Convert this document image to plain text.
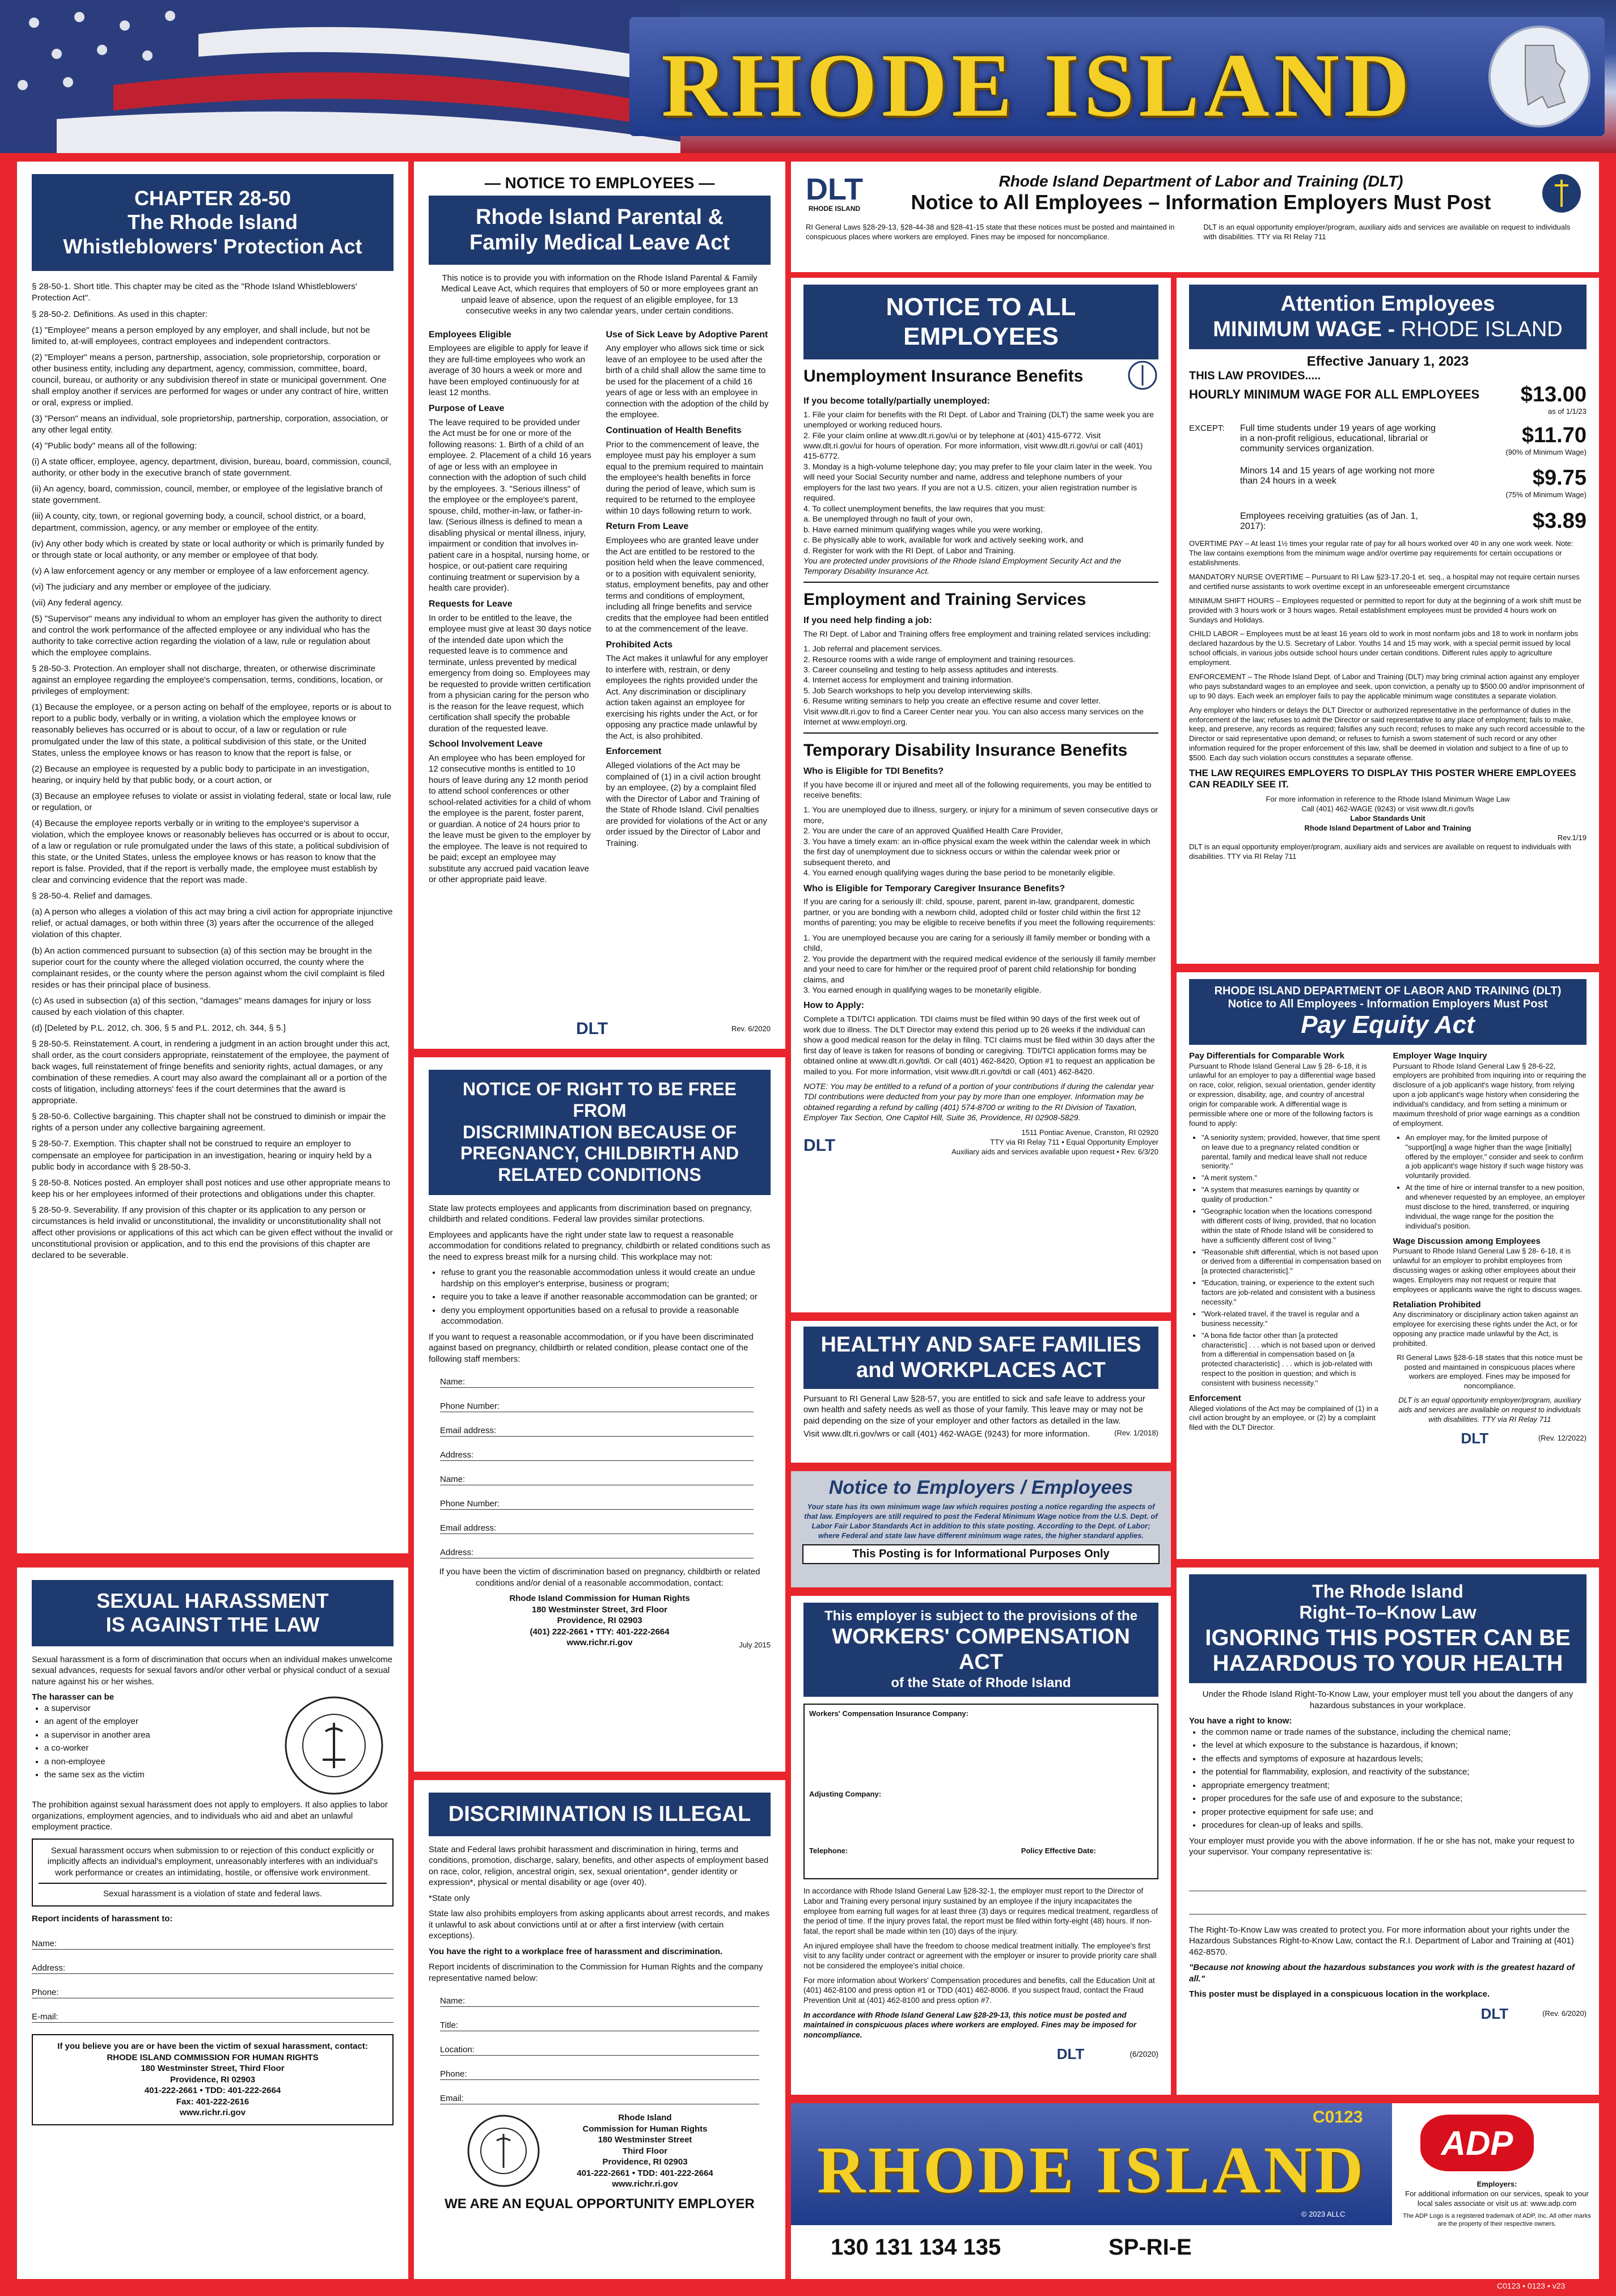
RHODE ISLAND
CHAPTER 28-50
The Rhode Island
Whistleblowers' Protection Act

§ 28-50-1. Short title. This chapter may be cited as the "Rhode Island Whistleblowers' Protection Act".

§ 28-50-2. Definitions. As used in this chapter:

(1) "Employee" means a person employed by any employer, and shall include, but not be limited to, at-will employees, contract employees and independent contractors.

(2) "Employer" means a person, partnership, association, sole proprietorship, corporation or other business entity, including any department, agency, commission, committee, board, council, bureau, or authority or any subdivision thereof in state or municipal government. One shall employ another if services are performed for wages or under any contract of hire, written or oral, express or implied.

(3) "Person" means an individual, sole proprietorship, partnership, corporation, association, or any other legal entity.

(4) "Public body" means all of the following:

(i) A state officer, employee, agency, department, division, bureau, board, commission, council, authority, or other body in the executive branch of state government.

(ii) An agency, board, commission, council, member, or employee of the legislative branch of state government.

(iii) A county, city, town, or regional governing body, a council, school district, or a board, department, commission, agency, or any member or employee of the entity.

(iv) Any other body which is created by state or local authority or which is primarily funded by or through state or local authority, or any member or employee of that body.

(v) A law enforcement agency or any member or employee of a law enforcement agency.

(vi) The judiciary and any member or employee of the judiciary.

(vii) Any federal agency.

(5) "Supervisor" means any individual to whom an employer has given the authority to direct and control the work performance of the affected employee or any individual who has the authority to take corrective action regarding the violation of a law, rule or regulation about which the employee complains.

§ 28-50-3. Protection. An employer shall not discharge, threaten, or otherwise discriminate against an employee regarding the employee's compensation, terms, conditions, location, or privileges of employment:

(1) Because the employee, or a person acting on behalf of the employee, reports or is about to report to a public body, verbally or in writing, a violation which the employee knows or reasonably believes has occurred or is about to occur, of a law or regulation or rule promulgated under the law of this state, a political subdivision of this state, or the United States, unless the employee knows or has reason to know that the report is false, or

(2) Because an employee is requested by a public body to participate in an investigation, hearing, or inquiry held by that public body, or a court action, or

(3) Because an employee refuses to violate or assist in violating federal, state or local law, rule or regulation, or

(4) Because the employee reports verbally or in writing to the employee's supervisor a violation, which the employee knows or reasonably believes has occurred or is about to occur, of a law or regulation or rule promulgated under the laws of this state, a political subdivision of this state, or the United States, unless the employee knows or has reason to know that the report is false. Provided, that if the report is verbally made, the employee must establish by clear and convincing evidence that the report was made.

§ 28-50-4. Relief and damages.

(a) A person who alleges a violation of this act may bring a civil action for appropriate injunctive relief, or actual damages, or both within three (3) years after the occurrence of the alleged violation of this chapter.

(b) An action commenced pursuant to subsection (a) of this section may be brought in the superior court for the county where the alleged violation occurred, the county where the complainant resides, or the county where the person against whom the civil complaint is filed resides or has their principal place of business.

(c) As used in subsection (a) of this section, "damages" means damages for injury or loss caused by each violation of this chapter.

(d) [Deleted by P.L. 2012, ch. 306, § 5 and P.L. 2012, ch. 344, § 5.]

§ 28-50-5. Reinstatement. A court, in rendering a judgment in an action brought under this act, shall order, as the court considers appropriate, reinstatement of the employee, the payment of back wages, full reinstatement of fringe benefits and seniority rights, actual damages, or any combination of these remedies. A court may also award the complainant all or a portion of the costs of litigation, including attorneys' fees if the court determines that the award is appropriate.

§ 28-50-6. Collective bargaining. This chapter shall not be construed to diminish or impair the rights of a person under any collective bargaining agreement.

§ 28-50-7. Exemption. This chapter shall not be construed to require an employer to compensate an employee for participation in an investigation, hearing or inquiry held by a public body in accordance with § 28-50-3.

§ 28-50-8. Notices posted. An employer shall post notices and use other appropriate means to keep his or her employees informed of their protections and obligations under this chapter.

§ 28-50-9. Severability. If any provision of this chapter or its application to any person or circumstances is held invalid or unconstitutional, the invalidity or unconstitutionality shall not affect other provisions or applications of this act which can be given effect without the invalid or unconstitutional provision or application, and to this end the provisions of this chapter are declared to be severable.

SEXUAL HARASSMENT
IS AGAINST THE LAW

Sexual harassment is a form of discrimination that occurs when an individual makes unwelcome sexual advances, requests for sexual favors and/or other verbal or physical conduct of a sexual nature against his or her wishes.

The harasser can be
• a supervisor
• an agent of the employer
• a supervisor in another area
• a co-worker
• a non-employee
• the same sex as the victim

The prohibition against sexual harassment does not apply to employers. It also applies to labor organizations, employment agencies, and to individuals who aid and abet an unlawful employment practice.

Sexual harassment occurs when submission to or rejection of this conduct explicitly or implicitly affects an individual's employment, unreasonably interferes with an individual's work performance or creates an intimidating, hostile, or offensive work environment.
Sexual harassment is a violation of state and federal laws.
Report incidents of harassment to:
Name:
Address:
Phone:
E-mail:
If you believe you are or have been the victim of sexual harassment, contact:
RHODE ISLAND COMMISSION FOR HUMAN RIGHTS
180 Westminster Street, Third Floor
Providence, RI 02903
401-222-2661 • TDD: 401-222-2664
Fax: 401-222-2616
www.richr.ri.gov
— NOTICE TO EMPLOYEES —
Rhode Island Parental &
Family Medical Leave Act

This notice is to provide you with information on the Rhode Island Parental & Family Medical Leave Act, which requires that employers of 50 or more employees grant an unpaid leave of absence, upon the request of an eligible employee, for 13 consecutive weeks in any two calendar years, under certain conditions.

Employees Eligible

Employees are eligible to apply for leave if they are full-time employees who work an average of 30 hours a week or more and have been employed continuously for at least 12 months.

Purpose of Leave

The leave required to be provided under the Act must be for one or more of the following reasons: 1. Birth of a child of an employee. 2. Placement of a child 16 years of age or less with an employee in connection with the adoption of such child by the employees. 3. "Serious illness" of the employee or the employee's parent, spouse, child, mother-in-law, or father-in-law. (Serious illness is defined to mean a disabling physical or mental illness, injury, impairment or condition that involves in-patient care in a hospital, nursing home, or hospice, or out-patient care requiring continuing treatment or supervision by a health care provider).

Requests for Leave

In order to be entitled to the leave, the employee must give at least 30 days notice of the intended date upon which the requested leave is to commence and terminate, unless prevented by medical emergency from doing so. Employees may be requested to provide written certification from a physician caring for the person who is the reason for the leave request, which certification shall specify the probable duration of the requested leave.

School Involvement Leave

An employee who has been employed for 12 consecutive months is entitled to 10 hours of leave during any 12 month period to attend school conferences or other school-related activities for a child of whom the employee is the parent, foster parent, or guardian. A notice of 24 hours prior to the leave must be given to the employer by the employee. The leave is not required to be paid; except an employee may substitute any accrued paid vacation leave or other appropriate paid leave.

Use of Sick Leave by Adoptive Parent

Any employer who allows sick time or sick leave of an employee to be used after the birth of a child shall allow the same time to be used for the placement of a child 16 years of age or less with an employee in connection with the adoption of the child by the employee.

Continuation of Health Benefits

Prior to the commencement of leave, the employee must pay his employer a sum equal to the premium required to maintain the employee's health benefits in force during the period of leave, which sum is required to be returned to the employee within 10 days following return to work.

Return From Leave

Employees who are granted leave under the Act are entitled to be restored to the position held when the leave commenced, or to a position with equivalent seniority, status, employment benefits, pay and other terms and conditions of employment, including all fringe benefits and service credits that the employee had been entitled to at the commencement of the leave.

Prohibited Acts

The Act makes it unlawful for any employer to interfere with, restrain, or deny employees the rights provided under the Act. Any discrimination or disciplinary action taken against an employee for exercising his rights under the Act, or for opposing any practice made unlawful by the Act, is also prohibited.

Enforcement

Alleged violations of the Act may be complained of (1) in a civil action brought by an employee, (2) by a complaint filed with the Director of Labor and Training of the State of Rhode Island. Civil penalties are provided for violations of the Act or any order issued by the Director of Labor and Training.

DLT	Rev. 6/2020
NOTICE OF RIGHT TO BE FREE FROM
DISCRIMINATION BECAUSE OF
PREGNANCY, CHILDBIRTH AND
RELATED CONDITIONS

State law protects employees and applicants from discrimination based on pregnancy, childbirth and related conditions. Federal law provides similar protections.

Employees and applicants have the right under state law to request a reasonable accommodation for conditions related to pregnancy, childbirth or related conditions such as the need to express breast milk for a nursing child. This workplace may not:

• refuse to grant you the reasonable accommodation unless it would create an undue hardship on this employer's enterprise, business or program;
• require you to take a leave if another reasonable accommodation can be granted; or
• deny you employment opportunities based on a refusal to provide a reasonable accommodation.

If you want to request a reasonable accommodation, or if you have been discriminated against based on pregnancy, childbirth or related condition, please contact one of the following staff members:

Name:
Phone Number:
Email address:
Address:
Name:
Phone Number:
Email address:
Address:

If you have been the victim of discrimination based on pregnancy, childbirth or related conditions and/or denial of a reasonable accommodation, contact:

Rhode Island Commission for Human Rights
180 Westminster Street, 3rd Floor
Providence, RI 02903
(401) 222-2661 • TTY: 401-222-2664
www.richr.ri.gov	July 2015
DISCRIMINATION IS ILLEGAL

State and Federal laws prohibit harassment and discrimination in hiring, terms and conditions, promotion, discharge, salary, benefits, and other aspects of employment based on race, color, religion, ancestral origin, sex, sexual orientation*, gender identity or expression*, physical or mental disability or age (over 40).

*State only

State law also prohibits employers from asking applicants about arrest records, and makes it unlawful to ask about convictions until at or after a first interview (with certain exceptions).

You have the right to a workplace free of harassment and discrimination.

Report incidents of discrimination to the Commission for Human Rights and the company representative named below:

Name:
Title:
Location:
Phone:
Email:
Rhode Island
Commission for Human Rights
180 Westminster Street
Third Floor
Providence, RI 02903
401-222-2661 • TDD: 401-222-2664
www.richr.ri.gov
WE ARE AN EQUAL OPPORTUNITY EMPLOYER
DLT
RHODE ISLAND
Rhode Island Department of Labor and Training (DLT)
Notice to All Employees – Information Employers Must Post
RI General Laws §28-29-13, §28-44-38 and §28-41-15 state that these notices must be posted and maintained in conspicuous places where workers are employed. Fines may be imposed for noncompliance.
DLT is an equal opportunity employer/program, auxiliary aids and services are available on request to individuals with disabilities. TTY via RI Relay 711
NOTICE TO ALL EMPLOYEES
Unemployment Insurance Benefits
If you become totally/partially unemployed:
1. File your claim for benefits with the RI Dept. of Labor and Training (DLT) the same week you are unemployed or working reduced hours.
2. File your claim online at www.dlt.ri.gov/ui or by telephone at (401) 415-6772. Visit www.dlt.ri.gov/ui for hours of operation. For more information, visit www.dlt.ri.gov/ui or call (401) 415-6772.
3. Monday is a high-volume telephone day; you may prefer to file your claim later in the week. You will need your Social Security number and name, address and telephone numbers of your employers for the last two years. If you are not a U.S. citizen, your alien registration number is required.
4. To collect unemployment benefits, the law requires that you must:
a. Be unemployed through no fault of your own,
b. Have earned minimum qualifying wages while you were working,
c. Be physically able to work, available for work and actively seeking work, and
d. Register for work with the RI Dept. of Labor and Training.

You are protected under provisions of the Rhode Island Employment Security Act and the Temporary Disability Insurance Act.

Employment and Training Services
If you need help finding a job:

The RI Dept. of Labor and Training offers free employment and training related services including:

1. Job referral and placement services.
2. Resource rooms with a wide range of employment and training resources.
3. Career counseling and testing to help assess aptitudes and interests.
4. Internet access for employment and training information.
5. Job Search workshops to help you develop interviewing skills.
6. Resume writing seminars to help you create an effective resume and cover letter.

Visit www.dlt.ri.gov to find a Career Center near you. You can also access many services on the Internet at www.employri.org.

Temporary Disability Insurance Benefits
Who is Eligible for TDI Benefits?

If you have become ill or injured and meet all of the following requirements, you may be entitled to receive benefits:

1. You are unemployed due to illness, surgery, or injury for a minimum of seven consecutive days or more,
2. You are under the care of an approved Qualified Health Care Provider,
3. You have a timely exam: an in-office physical exam the week within the calendar week in which the first day of unemployment due to sickness occurs or within the calendar week prior or subsequent thereto, and
4. You earned enough qualifying wages during the base period to be monetarily eligible.
Who is Eligible for Temporary Caregiver Insurance Benefits?

If you are caring for a seriously ill: child, spouse, parent, parent in-law, grandparent, domestic partner, or you are bonding with a newborn child, adopted child or foster child within the first 12 months of parenting; you may be eligible to receive benefits if you meet the following requirements:

1. You are unemployed because you are caring for a seriously ill family member or bonding with a child,
2. You provide the department with the required medical evidence of the seriously ill family member and your need to care for him/her or the required proof of parent child relationship for bonding claims, and
3. You earned enough in qualifying wages to be monetarily eligible.
How to Apply:

Complete a TDI/TCI application. TDI claims must be filed within 90 days of the first week out of work due to illness. The DLT Director may extend this period up to 26 weeks if the individual can show a good medical reason for the delay in filing. TCI claims must be filed within 30 days after the first day of leave is taken for reasons of bonding or caregiving. TDI/TCI application forms may be obtained online at www.dlt.ri.gov/tdi. Or call (401) 462-8420, Option #1 to request an application be mailed to you. For more information, visit www.dlt.ri.gov/tdi or call (401) 462-8420.

NOTE: You may be entitled to a refund of a portion of your contributions if during the calendar year TDI contributions were deducted from your pay by more than one employer. Information may be obtained regarding a refund by calling (401) 574-8700 or writing to the RI Division of Taxation, Employer Tax Section, One Capitol Hill, Suite 36, Providence, RI 02908-5829.

DLT
1511 Pontiac Avenue, Cranston, RI 02920
TTY via RI Relay 711 • Equal Opportunity Employer
Auxiliary aids and services available upon request • Rev. 6/3/20
HEALTHY AND SAFE FAMILIES
and WORKPLACES ACT

Pursuant to RI General Law §28-57, you are entitled to sick and safe leave to address your own health and safety needs as well as those of your family. This leave may or may not be paid depending on the size of your employer and other factors as detailed in the law.

Visit www.dlt.ri.gov/wrs or call (401) 462-WAGE (9243) for more information.	(Rev. 1/2018)
Notice to Employers / Employees

Your state has its own minimum wage law which requires posting a notice regarding the aspects of that law. Employers are still required to post the Federal Minimum Wage notice from the U.S. Dept. of Labor Fair Labor Standards Act in addition to this state posting. According to the Dept. of Labor; where Federal and state law have different minimum wage rates, the higher standard applies.

This Posting is for Informational Purposes Only
This employer is subject to the provisions of the
WORKERS' COMPENSATION ACT
of the State of Rhode Island
Workers' Compensation Insurance Company:
Adjusting Company:
Telephone:	Policy Effective Date:

In accordance with Rhode Island General Law §28-32-1, the employer must report to the Director of Labor and Training every personal injury sustained by an employee if the injury incapacitates the employee from earning full wages for at least three (3) days or requires medical treatment, regardless of the period of time. If the injury proves fatal, the report must be filed within forty-eight (48) hours. If non-fatal, the report shall be made within ten (10) days of the injury.

An injured employee shall have the freedom to choose medical treatment initially. The employee's first visit to any facility under contract or agreement with the employer or insurer to provide priority care shall not be considered the employee's initial choice.

For more information about Workers' Compensation procedures and benefits, call the Education Unit at (401) 462-8100 and press option #1 or TDD (401) 462-8006. If you suspect fraud, contact the Fraud Prevention Unit at (401) 462-8100 and press option #7.

In accordance with Rhode Island General Law §28-29-13, this notice must be posted and maintained in conspicuous places where workers are employed. Fines may be imposed for noncompliance.

DLT	(6/2020)
Attention Employees
MINIMUM WAGE - RHODE ISLAND
Effective January 1, 2023
THIS LAW PROVIDES.....
HOURLY MINIMUM WAGE FOR ALL EMPLOYEES $13.00
as of 1/1/23
EXCEPT:	Full time students under 19 years of age working in a non-profit religious, educational, librarial or community services organization.
$11.70
(90% of Minimum Wage)
Minors 14 and 15 years of age working not more than 24 hours in a week	$9.75
(75% of Minimum Wage)
Employees receiving gratuities (as of Jan. 1, 2017):	$3.89

OVERTIME PAY – At least 1½ times your regular rate of pay for all hours worked over 40 in any one work week. Note: The law contains exemptions from the minimum wage and/or overtime pay requirements for certain occupations or establishments.

MANDATORY NURSE OVERTIME – Pursuant to RI Law §23-17.20-1 et. seq., a hospital may not require certain nurses and certified nurse assistants to work overtime except in an unforeseeable emergent circumstance

MINIMUM SHIFT HOURS – Employees requested or permitted to report for duty at the beginning of a work shift must be provided with 3 hours work or 3 hours wages. Retail establishment employees must be provided 4 hours work on Sundays and Holidays.

CHILD LABOR – Employees must be at least 16 years old to work in most nonfarm jobs and 18 to work in nonfarm jobs declared hazardous by the U.S. Secretary of Labor. Youths 14 and 15 may work, with a special permit issued by local school officials, in various jobs outside school hours under certain conditions. Different rules apply to agriculture employment.

ENFORCEMENT – The Rhode Island Dept. of Labor and Training (DLT) may bring criminal action against any employer who pays substandard wages to an employee and seek, upon conviction, a penalty up to $500.00 and/or imprisonment of up to 90 days. Each week an employer fails to pay the applicable minimum wage constitutes a separate violation.

Any employer who hinders or delays the DLT Director or authorized representative in the performance of duties in the enforcement of the law; refuses to admit the Director or said representative to any place of employment; fails to make, keep, and preserve, any records as required; falsifies any such record; refuses to make any such record accessible to the Director or said representative upon demand; or refuses to furnish a sworn statement of such record or any other information required for the proper enforcement of this law, shall be deemed in violation and subject to a fine of up to $500. Each day such violation occurs constitutes a separate offense.

THE LAW REQUIRES EMPLOYERS TO DISPLAY THIS POSTER WHERE EMPLOYEES CAN READILY SEE IT.
For more information in reference to the Rhode Island Minimum Wage Law
Call (401) 462-WAGE (9243) or visit www.dlt.ri.gov/ls
Labor Standards Unit
Rhode Island Department of Labor and Training
Rev.1/19
DLT is an equal opportunity employer/program, auxiliary aids and services are available on request to individuals with disabilities. TTY via RI Relay 711
RHODE ISLAND DEPARTMENT OF LABOR AND TRAINING (DLT)
Notice to All Employees - Information Employers Must Post
Pay Equity Act
Pay Differentials for Comparable Work

Pursuant to Rhode Island General Law § 28- 6-18, it is unlawful for an employer to pay a differential wage based on race, color, religion, sexual orientation, gender identity or expression, disability, age, and country of ancestral origin for comparable work. A differential wage is permissible where one or more of the following factors is found to apply:

• "A seniority system; provided, however, that time spent on leave due to a pregnancy related condition or parental, family and medical leave shall not reduce seniority."
• "A merit system."
• "A system that measures earnings by quantity or quality of production."
• "Geographic location when the locations correspond with different costs of living, provided, that no location within the state of Rhode Island will be considered to have a sufficiently different cost of living."
• "Reasonable shift differential, which is not based upon or derived from a differential in compensation based on [a protected characteristic]."
• "Education, training, or experience to the extent such factors are job-related and consistent with a business necessity."
• "Work-related travel, if the travel is regular and a business necessity."
• "A bona fide factor other than [a protected characteristic] . . . which is not based upon or derived from a differential in compensation based on [a protected characteristic] . . . which is job-related with respect to the position in question; and which is consistent with business necessity."
Enforcement

Alleged violations of the Act may be complained of (1) in a civil action brought by an employee, or (2) by a complaint filed with the DLT Director.

Employer Wage Inquiry

Pursuant to Rhode Island General Law § 28-6-22, employers are prohibited from inquiring into or requiring the disclosure of a job applicant's wage history, from relying upon a job applicant's wage history when considering the individual's candidacy, and from setting a minimum or maximum threshold of prior wage earnings as a condition of employment.

• An employer may, for the limited purpose of "support[ing] a wage higher than the wage [initially] offered by the employer," consider and seek to confirm a job applicant's wage history if such wage history was voluntarily provided.
• At the time of hire or internal transfer to a new position, and whenever requested by an employee, an employer must disclose to the hired, transferred, or inquiring individual, the wage range for the position the individual's position.
Wage Discussion among Employees

Pursuant to Rhode Island General Law § 28- 6-18, it is unlawful for an employer to prohibit employees from discussing wages or asking other employees about their wages. Employers may not request or require that employees or applicants waive the right to discuss wages.

Retaliation Prohibited

Any discriminatory or disciplinary action taken against an employee for exercising these rights under the Act, or for opposing any practice made unlawful by the Act, is prohibited.

RI General Laws §28-6-18 states that this notice must be posted and maintained in conspicuous places where workers are employed. Fines may be imposed for noncompliance.

DLT is an equal opportunity employer/program, auxiliary aids and services are available on request to individuals with disabilities. TTY via RI Relay 711

DLT	(Rev. 12/2022)
The Rhode Island
Right–To–Know Law
IGNORING THIS POSTER CAN BE
HAZARDOUS TO YOUR HEALTH

Under the Rhode Island Right-To-Know Law, your employer must tell you about the dangers of any hazardous substances in your workplace.

You have a right to know:
• the common name or trade names of the substance, including the chemical name;
• the level at which exposure to the substance is hazardous, if known;
• the effects and symptoms of exposure at hazardous levels;
• the potential for flammability, explosion, and reactivity of the substance;
• appropriate emergency treatment;
• proper procedures for the safe use of and exposure to the substance;
• proper protective equipment for safe use; and
• procedures for clean-up of leaks and spills.

Your employer must provide you with the above information. If he or she has not, make your request to your supervisor. Your company representative is:

The Right-To-Know Law was created to protect you. For more information about your rights under the Hazardous Substances Right-to-Know Law, contact the R.I. Department of Labor and Training at (401) 462-8570.

"Because not knowing about the hazardous substances you work with is the greatest hazard of all."

This poster must be displayed in a conspicuous location in the workplace.

DLT	(Rev. 6/2020)
RHODE ISLAND
C0123
© 2023 ALLC
130 131 134 135	SP-RI-E
ADP
Employers:
For additional information on our services, speak to your local sales associate or visit us at: www.adp.com
The ADP Logo is a registered trademark of ADP, Inc. All other marks are the property of their respective owners.
C0123 • 0123 • v23
